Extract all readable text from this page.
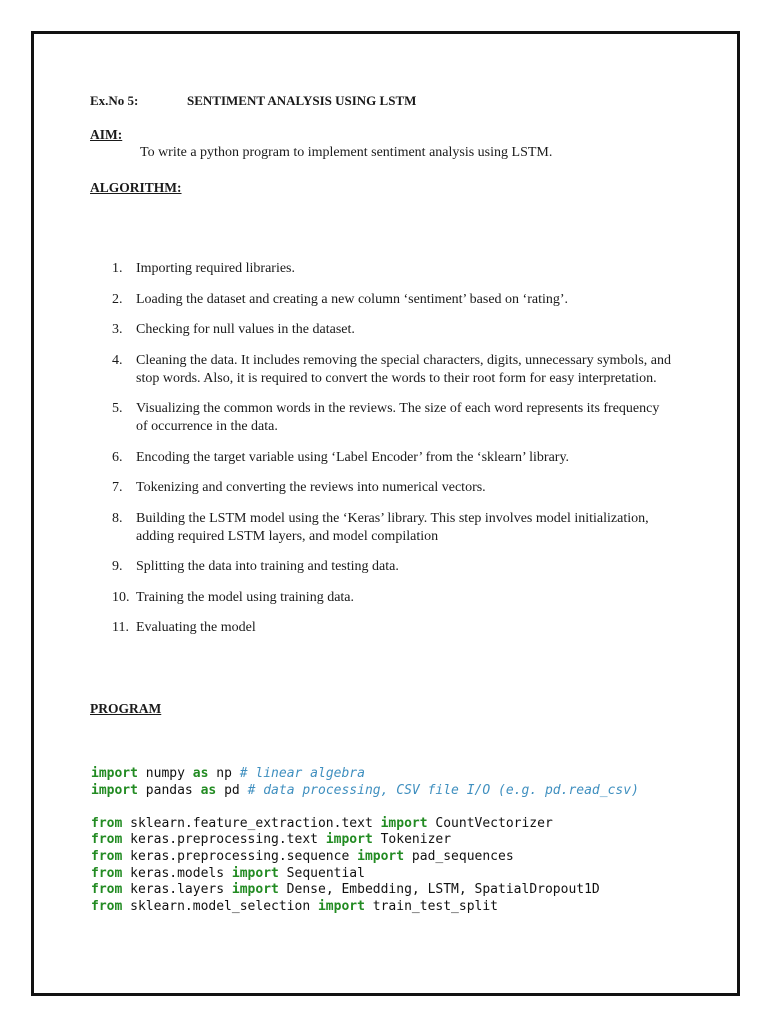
Ex.No 5:	SENTIMENT ANALYSIS USING LSTM
AIM:
To write a python program to implement sentiment analysis using LSTM.
ALGORITHM:
1. Importing required libraries.
2. Loading the dataset and creating a new column ‘sentiment’ based on ‘rating’.
3. Checking for null values in the dataset.
4. Cleaning the data. It includes removing the special characters, digits, unnecessary symbols, and stop words. Also, it is required to convert the words to their root form for easy interpretation.
5. Visualizing the common words in the reviews. The size of each word represents its frequency of occurrence in the data.
6. Encoding the target variable using ‘Label Encoder’ from the ‘sklearn’ library.
7. Tokenizing and converting the reviews into numerical vectors.
8. Building the LSTM model using the ‘Keras’ library. This step involves model initialization, adding required LSTM layers, and model compilation
9. Splitting the data into training and testing data.
10. Training the model using training data.
11. Evaluating the model
PROGRAM
import numpy as np # linear algebra
import pandas as pd # data processing, CSV file I/O (e.g. pd.read_csv)
from sklearn.feature_extraction.text import CountVectorizer
from keras.preprocessing.text import Tokenizer
from keras.preprocessing.sequence import pad_sequences
from keras.models import Sequential
from keras.layers import Dense, Embedding, LSTM, SpatialDropout1D
from sklearn.model_selection import train_test_split
